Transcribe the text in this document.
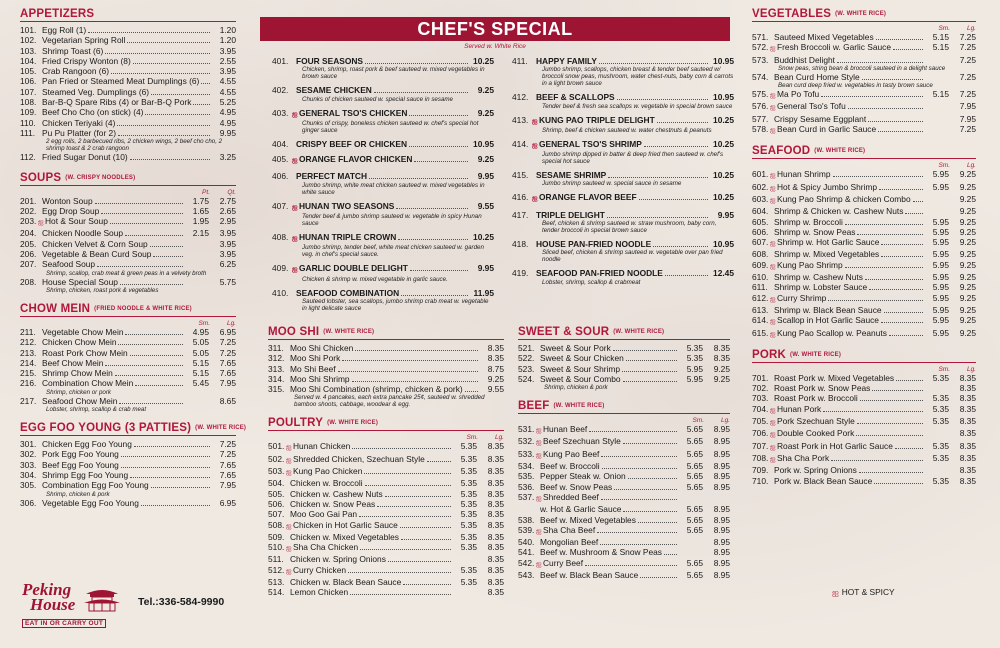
APPETIZERS
101. Egg Roll (1)	1.20
102. Vegetarian Spring Roll	1.20
103. Shrimp Toast (6)	3.95
104. Fried Crispy Wonton (8)	2.55
105. Crab Rangoon (6)	3.95
106. Pan Fried or Steamed Meat Dumplings (6)	4.55
107. Steamed Veg. Dumplings (6)	4.55
108. Bar-B-Q Spare Ribs (4) or Bar-B-Q Pork	5.25
109. Beef Cho Cho (on stick) (4)	4.95
110. Chicken Teriyaki (4)	4.95
111. Pu Pu Platter (for 2)	9.95
2 egg rolls, 2 barbecued ribs, 2 chicken wings, 2 beef cho cho, 2 shrimp toast & 2 crab rangoon
112. Fried Sugar Donut (10)	3.25
SOUPS (W. CRISPY NOODLES)
Pt.	Qt.
201. Wonton Soup	1.75	2.75
202. Egg Drop Soup	1.65	2.65
203. ஐHot & Sour Soup	1.95	2.95
204. Chicken Noodle Soup	2.15	3.95
205. Chicken Velvet & Corn Soup	3.95
206. Vegetable & Bean Curd Soup	3.95
207. Seafood Soup	6.25
Shrimp, scallop, crab meat & green peas in a velvety broth
208. House Special Soup	5.75
Shrimp, chicken, roast pork & vegetables
CHOW MEIN (FRIED NOODLE & WHITE RICE)
Sm.	Lg.
211. Vegetable Chow Mein	4.95	6.95
212. Chicken Chow Mein	5.05	7.25
213. Roast Pork Chow Mein	5.05	7.25
214. Beef Chow Mein	5.15	7.65
215. Shrimp Chow Mein	5.15	7.65
216. Combination Chow Mein	5.45	7.95
Shrimp, chicken or pork
217. Seafood Chow Mein	8.65
Lobster, shrimp, scallop & crab meat
EGG FOO YOUNG (3 PATTIES) (W. WHITE RICE)
301. Chicken Egg Foo Young	7.25
302. Pork Egg Foo Young	7.25
303. Beef Egg Foo Young	7.65
304. Shrimp Egg Foo Young	7.65
305. Combination Egg Foo Young	7.95
Shrimp, chicken & pork
306. Vegetable Egg Foo Young	6.95
CHEF'S SPECIAL
Served w. White Rice
401. FOUR SEASONS	10.25
Chicken, shrimp, roast pork & beef sauteed w. mixed vegetables in brown sauce
402. SESAME CHICKEN	9.25
Chunks of chicken sauteed w. special sauce in sesame
403. ஐGENERAL TSO'S CHICKEN	9.25
Chunks of crispy, boneless chicken sauteed w. chef's special hot ginger sauce
404. CRISPY BEEF OR CHICKEN	10.95
405. ஐORANGE FLAVOR CHICKEN	9.25
406. PERFECT MATCH	9.95
Jumbo shrimp, white meat chicken sauteed w. mixed vegetables in white sauce
407. ஐHUNAN TWO SEASONS	9.55
Tender beef & jumbo shrimp sauteed w. vegetable in spicy Hunan sauce
408. ஐHUNAN TRIPLE CROWN	10.25
Jumbo shrimp, tender beef, white meat chicken sauteed w. garden veg. in chef's special sauce.
409. ஐGARLIC DOUBLE DELIGHT	9.95
Chicken & shrimp w. mixed vegetable in garlic sauce.
410. SEAFOOD COMBINATION	11.95
Sauteed lobster, sea scallops, jumbo shrimp crab meat w. vegetable in light delicate sauce
411. HAPPY FAMILY	10.95
Jumbo shrimp, scallops, chicken breast & tender beef sauteed w/ broccoli snow peas, mushroom, water chest-nuts, baby corn & carrots in a light brown sauce
412. BEEF & SCALLOPS	10.95
Tender beef & fresh sea scallops w. vegetable in special brown sauce
413. ஐKUNG PAO TRIPLE DELIGHT	10.25
Shrimp, beef & chicken sauteed w. water chestnuts & peanuts
414. ஐGENERAL TSO'S SHRIMP	10.25
Jumbo shrimp dipped in batter & deep fried then sauteed w. chef's special hot sauce
415. SESAME SHRIMP	10.25
Jumbo shrimp sauteed w. special sauce in sesame
416. ஐORANGE FLAVOR BEEF	10.25
417. TRIPLE DELIGHT	9.95
Beef, chicken & shrimp sauteed w. straw mushroom, baby corn, tender broccoli in special brown sauce
418. HOUSE PAN-FRIED NOODLE	10.95
Sliced beef, chicken & shrimp sauteed w. vegetable over pan fried noodle
419. SEAFOOD PAN-FRIED NOODLE	12.45
Lobster, shrimp, scallop & crabmeat
MOO SHI (W. WHITE RICE)
311. Moo Shi Chicken	8.35
312. Moo Shi Pork	8.35
313. Mo Shi Beef	8.75
314. Moo Shi Shrimp	9.25
315. Moo Shi Combination (shrimp, chicken & pork)	9.55
Served w. 4 pancakes, each extra pancake 25¢, sauteed w. shredded bamboo shoots, cabbage, woodear & egg.
POULTRY (W. WHITE RICE)
Sm.	Lg.
501. ஐHunan Chicken	5.35	8.35
502. ஐShredded Chicken, Szechuan Style	5.35	8.35
503. ஐKung Pao Chicken	5.35	8.35
504. Chicken w. Broccoli	5.35	8.35
505. Chicken w. Cashew Nuts	5.35	8.35
506. Chicken w. Snow Peas	5.35	8.35
507. Moo Goo Gai Pan	5.35	8.35
508. ஐChicken in Hot Garlic Sauce	5.35	8.35
509. Chicken w. Mixed Vegetables	5.35	8.35
510. ஐSha Cha Chicken	5.35	8.35
511. Chicken w. Spring Onions	8.35
512. ஐCurry Chicken	5.35	8.35
513. Chicken w. Black Bean Sauce	5.35	8.35
514. Lemon Chicken	8.35
SWEET & SOUR (W. WHITE RICE)
521. Sweet & Sour Pork	5.35	8.35
522. Sweet & Sour Chicken	5.35	8.35
523. Sweet & Sour Shrimp	5.95	9.25
524. Sweet & Sour Combo	5.95	9.25
Shrimp, chicken & pork
BEEF (W. WHITE RICE)
Sm.	Lg.
531. ஐHunan Beef	5.65	8.95
532. ஐBeef Szechuan Style	5.65	8.95
533. ஐKung Pao Beef	5.65	8.95
534. Beef w. Broccoli	5.65	8.95
535. Pepper Steak w. Onion	5.65	8.95
536. Beef w. Snow Peas	5.65	8.95
537. ஐShredded Beef
w. Hot & Garlic Sauce	5.65	8.95
538. Beef w. Mixed Vegetables	5.65	8.95
539. ஐSha Cha Beef	5.65	8.95
540. Mongolian Beef	8.95
541. Beef w. Mushroom & Snow Peas	8.95
542. ஐCurry Beef	5.65	8.95
543. Beef w. Black Bean Sauce	5.65	8.95
VEGETABLES (W. WHITE RICE)
Sm.	Lg.
571. Sauteed Mixed Vegetables	5.15	7.25
572. ஐFresh Broccoli w. Garlic Sauce	5.15	7.25
573. Buddhist Delight	7.25
Snow peas, string bean & broccoli sauteed in a delight sauce
574. Bean Curd Home Style	7.25
Bean curd deep fried w. vegetables in tasty brown sauce
575. ஐMa Po Tofu	5.15	7.25
576. ஐGeneral Tso's Tofu	7.95
577. Crispy Sesame Eggplant	7.95
578. ஐBean Curd in Garlic Sauce	7.25
SEAFOOD (W. WHITE RICE)
Sm.	Lg.
601. ஐHunan Shrimp	5.95	9.25
602. ஐHot & Spicy Jumbo Shrimp	5.95	9.25
603. ஐKung Pao Shrimp & chicken Combo	9.25
604. Shrimp & Chicken w. Cashew Nuts	9.25
605. Shrimp w. Broccoli	5.95	9.25
606. Shrimp w. Snow Peas	5.95	9.25
607. ஐShrimp w. Hot Garlic Sauce	5.95	9.25
608. Shrimp w. Mixed Vegetables	5.95	9.25
609. ஐKung Pao Shrimp	5.95	9.25
610. Shrimp w. Cashew Nuts	5.95	9.25
611. Shrimp w. Lobster Sauce	5.95	9.25
612. ஐCurry Shrimp	5.95	9.25
613. Shrimp w. Black Bean Sauce	5.95	9.25
614. ஐScallop in Hot Garlic Sauce	5.95	9.25
615. ஐKung Pao Scallop w. Peanuts	5.95	9.25
PORK (W. WHITE RICE)
Sm.	Lg.
701. Roast Pork w. Mixed Vegetables	5.35	8.35
702. Roast Pork w. Snow Peas	8.35
703. Roast Pork w. Broccoli	5.35	8.35
704. ஐHunan Pork	5.35	8.35
705. ஐPork Szechuan Style	5.35	8.35
706. ஐDouble Cooked Pork	8.35
707. ஐRoast Pork in Hot Garlic Sauce	5.35	8.35
708. ஐSha Cha Pork	5.35	8.35
709. Pork w. Spring Onions	8.35
710. Pork w. Black Bean Sauce	5.35	8.35
Peking
House
EAT IN OR CARRY OUT
Tel.:336-584-9990
ஐ HOT & SPICY
